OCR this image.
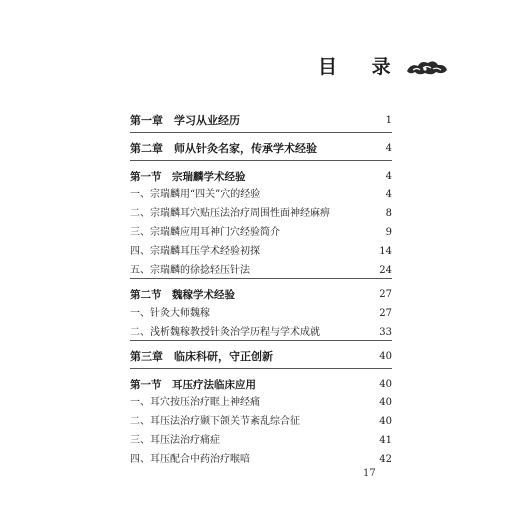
目 录
第一章　学习从业经历	1
第二章　师从针灸名家，传承学术经验	4
第一节　宗瑞麟学术经验	4
一、宗瑞麟用“四关”穴的经验	4
二、宗瑞麟耳穴贴压法治疗周围性面神经麻痹	8
三、宗瑞麟应用耳神门穴经验简介	9
四、宗瑞麟耳压学术经验初探	14
五、宗瑞麟的徐捻轻压针法	24
第二节　魏稼学术经验	27
一、针灸大师魏稼	27
二、浅析魏稼教授针灸治学历程与学术成就	33
第三章　临床科研，守正创新	40
第一节　耳压疗法临床应用	40
一、耳穴按压治疗眶上神经痛	40
二、耳压法治疗颞下颌关节紊乱综合征	40
三、耳压法治疗痛症	41
四、耳压配合中药治疗喉喑	42
17
